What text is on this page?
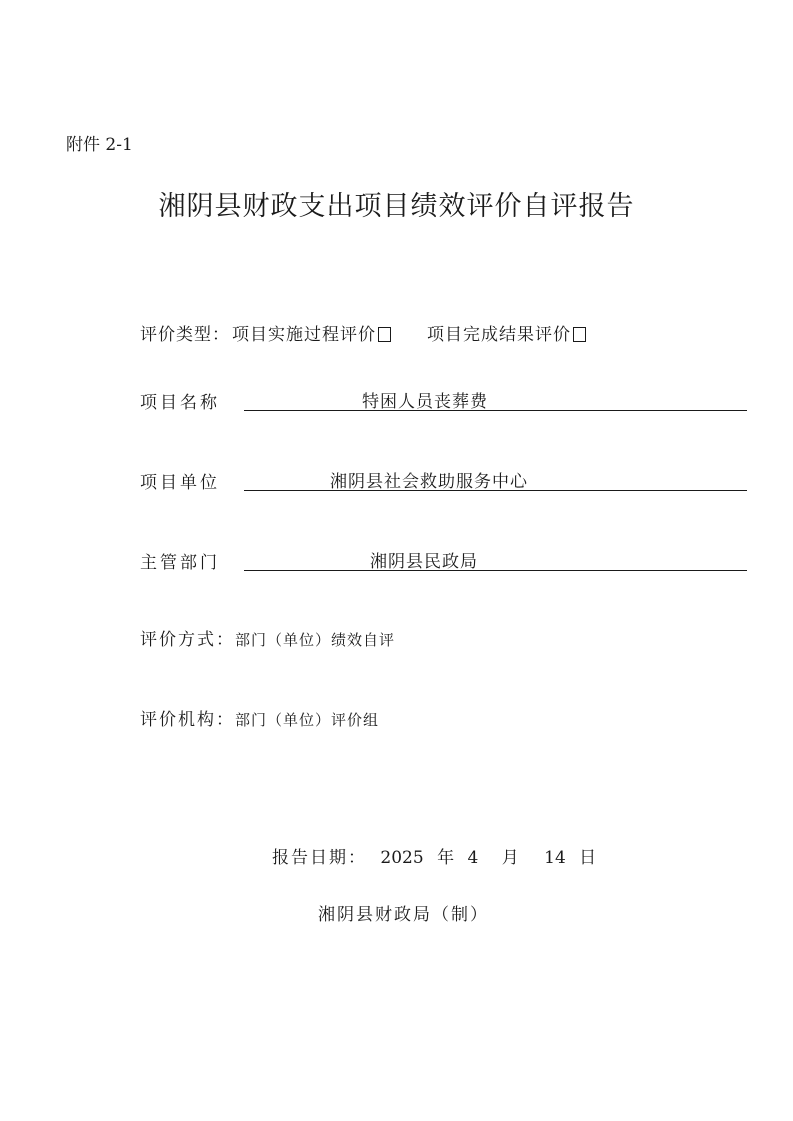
附件 2-1
湘阴县财政支出项目绩效评价自评报告
评价类型： 项目实施过程评价	项目完成结果评价
项目名称	特困人员丧葬费
项目单位	湘阴县社会救助服务中心
主管部门	湘阴县民政局
评价方式：部门（单位）绩效自评
评价机构：部门（单位）评价组
报告日期： 2025 年 4 月 14 日
湘阴县财政局（制）
